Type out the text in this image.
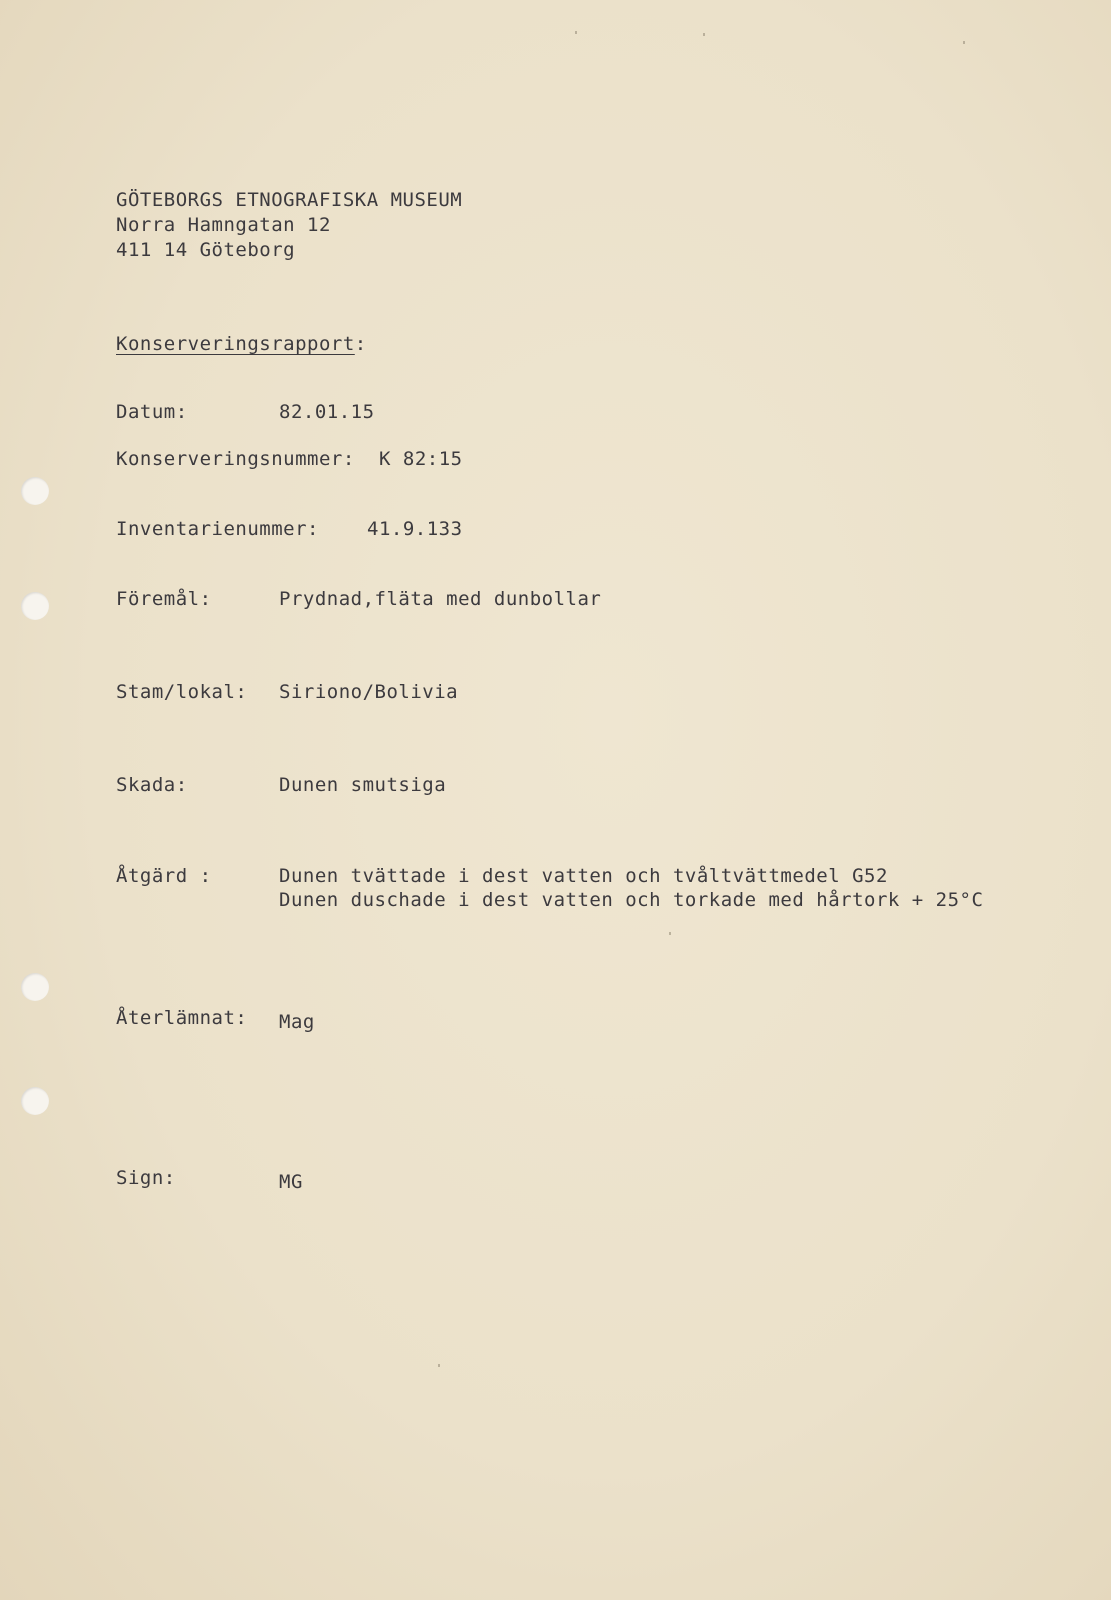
GÖTEBORGS ETNOGRAFISKA MUSEUM
Norra Hamngatan 12
411 14 Göteborg
Konserveringsrapport:
Datum:	82.01.15
Konserveringsnummer: K 82:15
Inventarienummer:	41.9.133
Föremål:	Prydnad,fläta med dunbollar
Stam/lokal: Siriono/Bolivia
Skada:	Dunen smutsiga
Åtgärd :	Dunen tvättade i dest vatten och tvåltvättmedel G52
Dunen duschade i dest vatten och torkade med hårtork + 25°C
Återlämnat: Mag
Sign:	MG
